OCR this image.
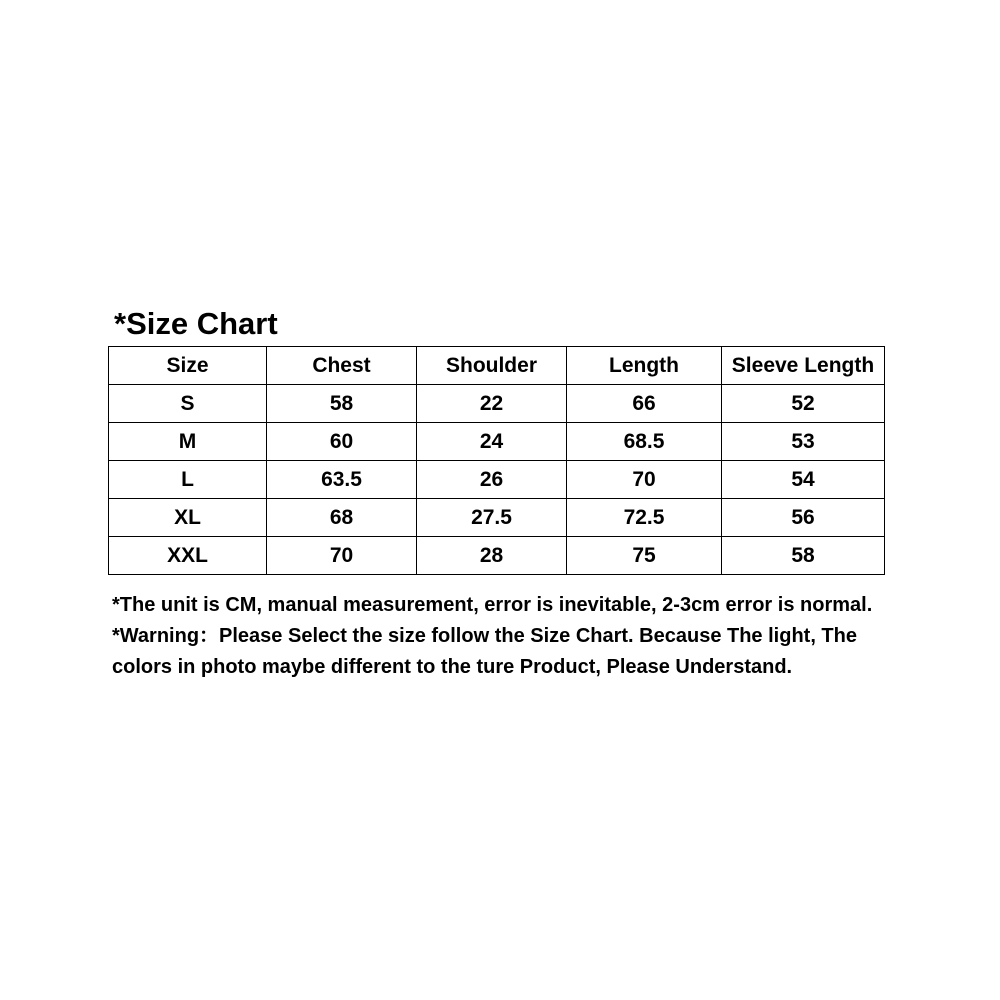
*Size Chart
Size	Chest	Shoulder	Length	Sleeve Length
S	58	22	66	52
M	60	24	68.5	53
L	63.5	26	70	54
XL	68	27.5	72.5	56
XXL	70	28	75	58
*The unit is CM, manual measurement, error is inevitable, 2-3cm error is normal. *Warning：Please Select the size follow the Size Chart. Because The light, The colors in photo maybe different to the ture Product, Please Understand.
